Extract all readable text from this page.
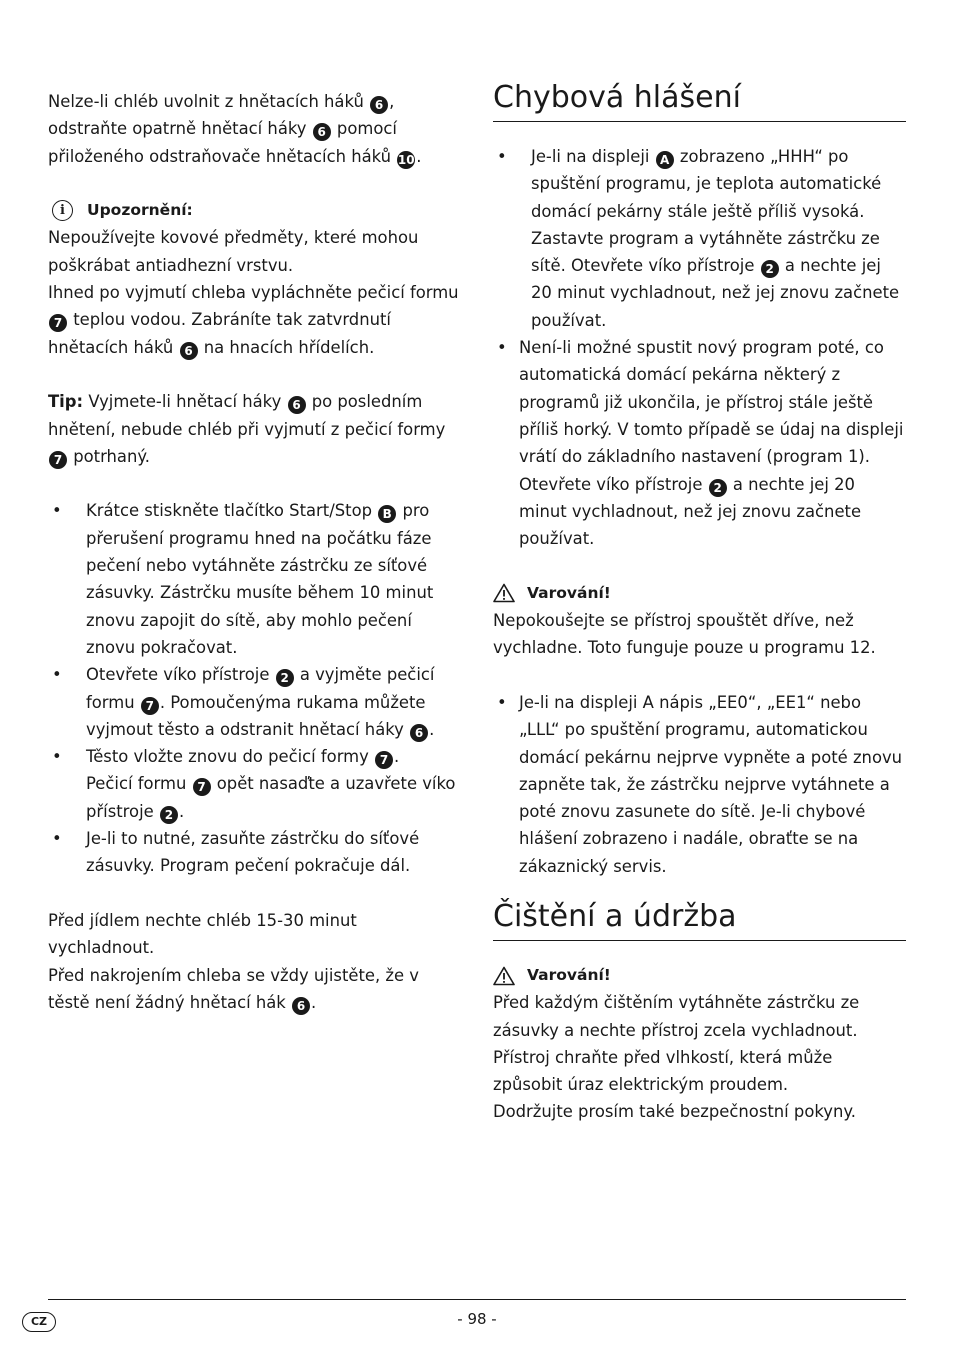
Nelze-li chléb uvolnit z hnětacích háků 6 , odstraňte opatrně hnětací háky 6 pomocí přiloženého odstraňovače hnětacích háků 10 .

i	Upozornění:

Nepoužívejte kovové předměty, které mohou poškrábat antiadhezní vrstvu.

Ihned po vyjmutí chleba vypláchněte pečicí formu 7 teplou vodou. Zabráníte tak zatvrdnutí hnětacích háků 6 na hnacích hřídelích.

Tip: Vyjmete-li hnětací háky 6 po posledním hnětení, nebude chléb při vyjmutí z pečicí formy 7 potrhaný.

• Krátce stiskněte tlačítko Start/Stop B pro přerušení programu hned na počátku fáze pečení nebo vytáhněte zástrčku ze síťové zásuvky. Zástrčku musíte během 10 minut znovu zapojit do sítě, aby mohlo pečení znovu pokračovat.
• Otevřete víko přístroje 2 a vyjměte pečicí formu 7 . Pomoučenýma rukama můžete vyjmout těsto a odstranit hnětací háky 6 .
• Těsto vložte znovu do pečicí formy 7 .
Pečicí formu 7 opět nasaďte a uzavřete víko přístroje 2 .
• Je-li to nutné, zasuňte zástrčku do síťové zásuvky. Program pečení pokračuje dál.

Před jídlem nechte chléb 15-30 minut vychladnout.

Před nakrojením chleba se vždy ujistěte, že v těstě není žádný hnětací hák 6 .

Chybová hlášení
• Je-li na displeji A zobrazeno „HHH“ po spuštění programu, je teplota automatické domácí pekárny stále ještě příliš vysoká. Zastavte program a vytáhněte zástrčku ze sítě. Otevřete víko přístroje 2 a nechte jej 20 minut vychladnout, než jej znovu začnete používat.
• Není-li možné spustit nový program poté, co automatická domácí pekárna některý z programů již ukončila, je přístroj stále ještě příliš horký. V tomto případě se údaj na displeji vrátí do základního nastavení (program 1). Otevřete víko přístroje 2 a nechte jej 20 minut vychladnout, než jej znovu začnete používat.
Varování!

Nepokoušejte se přístroj spouštět dříve, než vychladne. Toto funguje pouze u programu 12.

• Je-li na displeji A nápis „EE0“, „EE1“ nebo „LLL“ po spuštění programu, automatickou domácí pekárnu nejprve vypněte a poté znovu zapněte tak, že zástrčku nejprve vytáhnete a poté znovu zasunete do sítě. Je-li chybové hlášení zobrazeno i nadále, obraťte se na zákaznický servis.
Čištění a údržba
Varování!

Před každým čištěním vytáhněte zástrčku ze zásuvky a nechte přístroj zcela vychladnout.

Přístroj chraňte před vlhkostí, která může způsobit úraz elektrickým proudem.

Dodržujte prosím také bezpečnostní pokyny.

CZ	- 98 -
